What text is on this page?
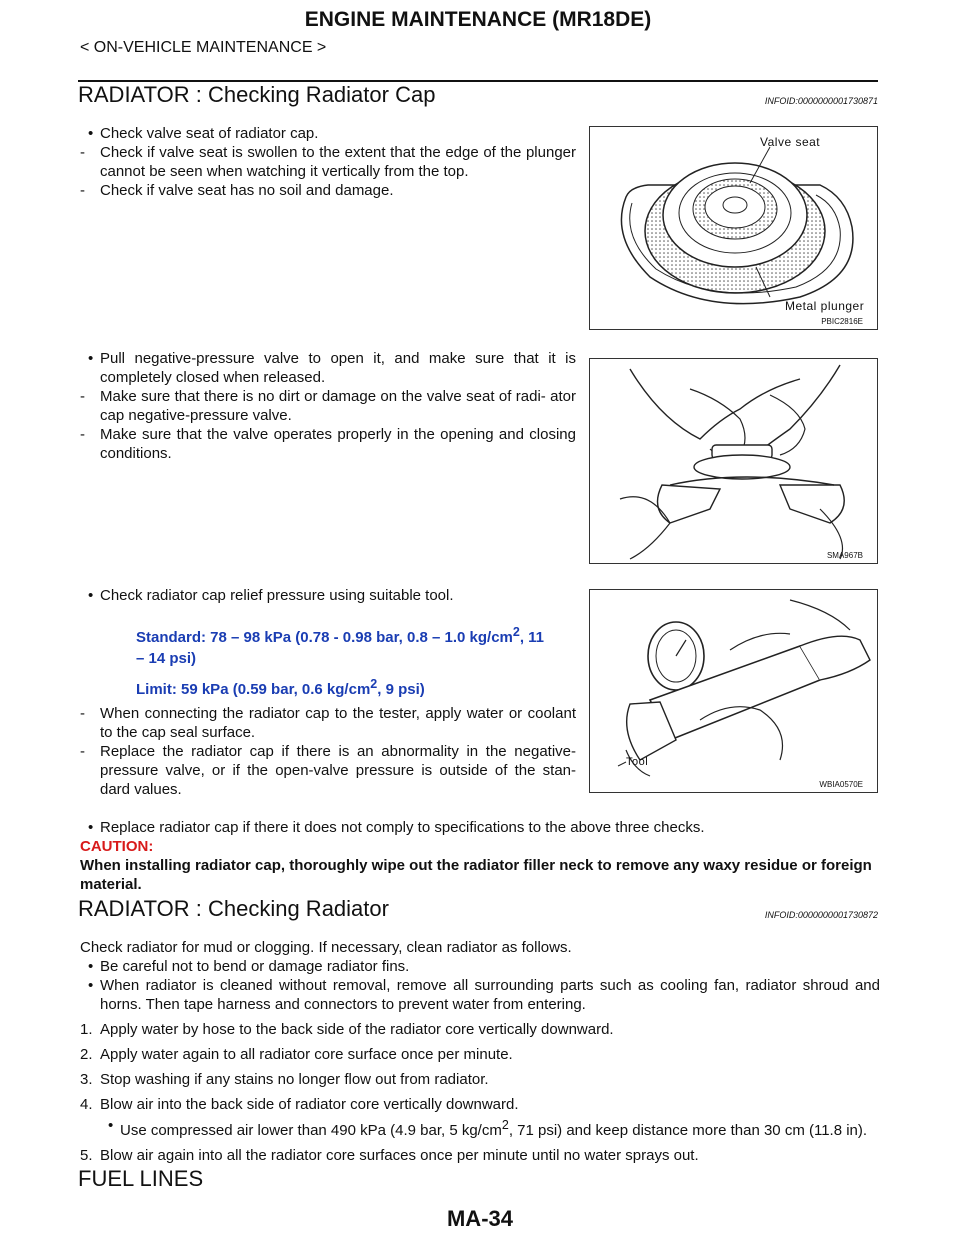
ENGINE MAINTENANCE (MR18DE)
< ON-VEHICLE MAINTENANCE >
RADIATOR : Checking Radiator Cap	INFOID:0000000001730871
• Check valve seat of radiator cap.
- Check if valve seat is swollen to the extent that the edge of the plunger cannot be seen when watching it vertically from the top.
- Check if valve seat has no soil and damage.
Valve seat
Metal plunger
PBIC2816E
• Pull negative-pressure valve to open it, and make sure that it is completely closed when released.
- Make sure that there is no dirt or damage on the valve seat of radi- ator cap negative-pressure valve.
- Make sure that the valve operates properly in the opening and closing conditions.
SMA967B
• Check radiator cap relief pressure using suitable tool.
Standard: 78 – 98 kPa (0.78 - 0.98 bar, 0.8 – 1.0 $kg/cm^2$, 11
– 14 psi)
Limit: 59 kPa (0.59 bar, 0.6 $kg/cm^2$, 9 psi)
- When connecting the radiator cap to the tester, apply water or coolant to the cap seal surface.
- Replace the radiator cap if there is an abnormality in the negative- pressure valve, or if the open-valve pressure is outside of the stan- dard values.
Tool
WBIA0570E
• Replace radiator cap if there it does not comply to specifications to the above three checks.
CAUTION:
When installing radiator cap, thoroughly wipe out the radiator filler neck to remove any waxy residue or foreign material.
RADIATOR : Checking Radiator	INFOID:0000000001730872
Check radiator for mud or clogging. If necessary, clean radiator as follows.
• Be careful not to bend or damage radiator fins.
• When radiator is cleaned without removal, remove all surrounding parts such as cooling fan, radiator shroud and horns. Then tape harness and connectors to prevent water from entering.
1. Apply water by hose to the back side of the radiator core vertically downward.
2. Apply water again to all radiator core surface once per minute.
3. Stop washing if any stains no longer flow out from radiator.
4. Blow air into the back side of radiator core vertically downward.
• Use compressed air lower than 490 kPa (4.9 bar, 5 $kg/cm^2$, 71 psi) and keep distance more than 30 cm (11.8 in).
5. Blow air again into all the radiator core surfaces once per minute until no water sprays out.
FUEL LINES
MA-34
